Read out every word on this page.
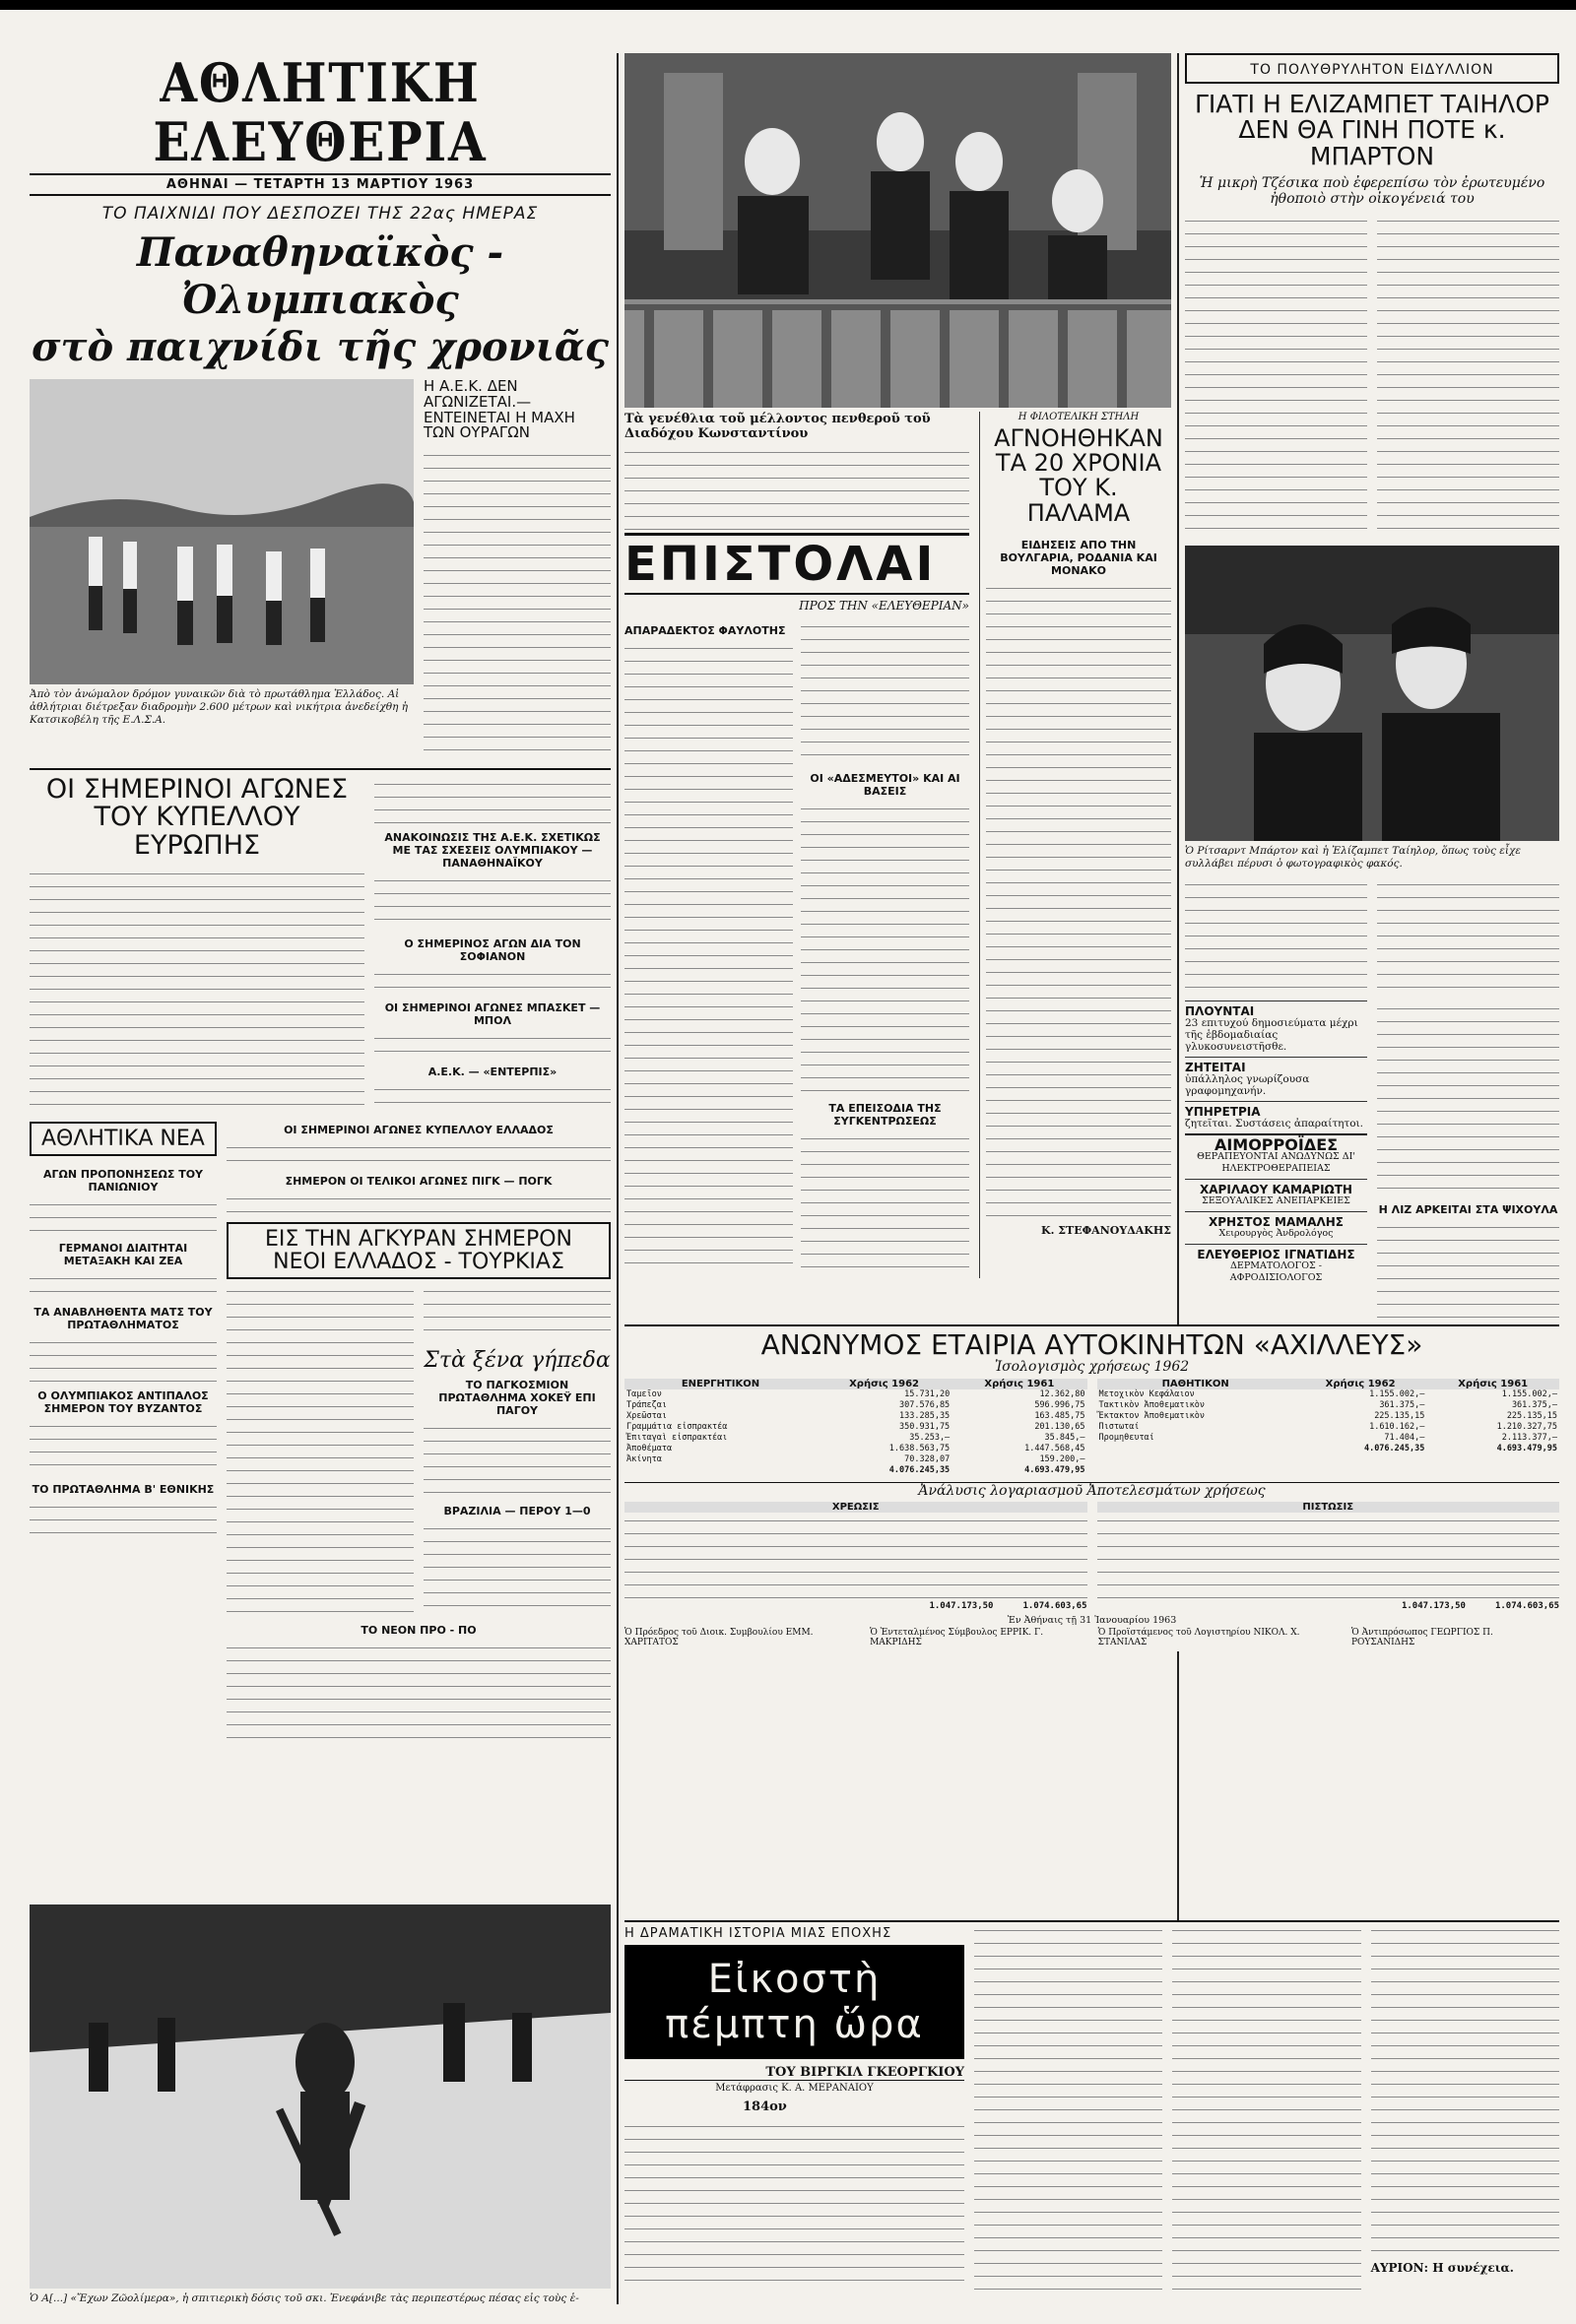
ΑΘΛΗΤΙΚΗ ΕΛΕΥΘΕΡΙΑ
ΑΘΗΝΑΙ — ΤΕΤΑΡΤΗ 13 ΜΑΡΤΙΟΥ 1963
ΤΟ ΠΑΙΧΝΙΔΙ ΠΟΥ ΔΕΣΠΟΖΕΙ ΤΗΣ 22ας ΗΜΕΡΑΣ
Παναθηναϊκὸς - Ὀλυμπιακὸς
στὸ παιχνίδι τῆς χρονιᾶς
Ἀπὸ τὸν ἀνώμαλον δρόμον γυναικῶν διὰ τὸ πρωτάθλημα Ἑλλάδος. Αἱ ἀθλήτριαι διέτρεξαν διαδρομὴν 2.600 μέτρων καὶ νικήτρια ἀνεδείχθη ἡ Κατσικοβέλη τῆς Ε.Λ.Σ.Α.
Η Α.Ε.Κ. ΔΕΝ ΑΓΩΝΙΖΕΤΑΙ.—ΕΝΤΕΙΝΕΤΑΙ Η ΜΑΧΗ ΤΩΝ ΟΥΡΑΓΩΝ
ΟΙ ΣΗΜΕΡΙΝΟΙ ΑΓΩΝΕΣ
ΤΟΥ ΚΥΠΕΛΛΟΥ ΕΥΡΩΠΗΣ	ΑΝΑΚΟΙΝΩΣΙΣ ΤΗΣ Α.Ε.Κ. ΣΧΕΤΙΚΩΣ ΜΕ ΤΑΣ ΣΧΕΣΕΙΣ ΟΛΥΜΠΙΑΚΟΥ — ΠΑΝΑΘΗΝΑΪΚΟΥ
Ο ΣΗΜΕΡΙΝΟΣ ΑΓΩΝ ΔΙΑ ΤΟΝ ΣΟΦΙΑΝΟΝ
ΟΙ ΣΗΜΕΡΙΝΟΙ ΑΓΩΝΕΣ ΜΠΑΣΚΕΤ — ΜΠΟΛ
Α.Ε.Κ. — «ΕΝΤΕΡΠΙΣ»
ΑΘΛΗΤΙΚΑ ΝΕΑ
ΑΓΩΝ ΠΡΟΠΟΝΗΣΕΩΣ ΤΟΥ ΠΑΝΙΩΝΙΟΥ
ΓΕΡΜΑΝΟΙ ΔΙΑΙΤΗΤΑΙ ΜΕΤΑΞΑΚΗ ΚΑΙ ΖΕΑ
ΤΑ ΑΝΑΒΛΗΘΕΝΤΑ ΜΑΤΣ ΤΟΥ ΠΡΩΤΑΘΛΗΜΑΤΟΣ
Ο ΟΛΥΜΠΙΑΚΟΣ ΑΝΤΙΠΑΛΟΣ ΣΗΜΕΡΟΝ ΤΟΥ ΒΥΖΑΝΤΟΣ
ΤΟ ΠΡΩΤΑΘΛΗΜΑ Β' ΕΘΝΙΚΗΣ
ΟΙ ΣΗΜΕΡΙΝΟΙ ΑΓΩΝΕΣ ΚΥΠΕΛΛΟΥ ΕΛΛΑΔΟΣ
ΣΗΜΕΡΟΝ ΟΙ ΤΕΛΙΚΟΙ ΑΓΩΝΕΣ ΠΙΓΚ — ΠΟΓΚ
ΕΙΣ ΤΗΝ ΑΓΚΥΡΑΝ ΣΗΜΕΡΟΝ
ΝΕΟΙ ΕΛΛΑΔΟΣ - ΤΟΥΡΚΙΑΣ
Στὰ ξένα γήπεδα
ΤΟ ΠΑΓΚΟΣΜΙΟΝ ΠΡΩΤΑΘΛΗΜΑ ΧΟΚΕΫ ΕΠΙ ΠΑΓΟΥ
ΒΡΑΖΙΛΙΑ — ΠΕΡΟΥ 1—0
ΤΟ ΝΕΟΝ ΠΡΟ - ΠΟ
Ὁ Α[...] «Ἔχων Ζῶολίμερα», ἡ σπιτιερικὴ δόσις τοῦ σκι. Ἐνεφάνιβε τὰς περιπεστέρως πέσας εἰς τοὺς ἑ-
Τὰ γενέθλια τοῦ μέλλοντος πενθεροῦ τοῦ Διαδόχου Κωνσταντίνου
Η ΦΙΛΟΤΕΛΙΚΗ ΣΤΗΛΗ
ΑΓΝΟΗΘΗΚΑΝ
ΤΑ 20 ΧΡΟΝΙΑ
ΤΟΥ Κ. ΠΑΛΑΜΑ
ΕΠΙΣΤΟΛΑΙ
ΠΡΟΣ ΤΗΝ «ΕΛΕΥΘΕΡΙΑΝ»
ΑΠΑΡΑΔΕΚΤΟΣ ΦΑΥΛΟΤΗΣ
ΟΙ «ΑΔΕΣΜΕΥΤΟΙ» ΚΑΙ ΑΙ ΒΑΣΕΙΣ
ΤΑ ΕΠΕΙΣΟΔΙΑ ΤΗΣ ΣΥΓΚΕΝΤΡΩΣΕΩΣ
ΕΙΔΗΣΕΙΣ ΑΠΟ ΤΗΝ ΒΟΥΛΓΑΡΙΑ, ΡΟΔΑΝΙΑ ΚΑΙ ΜΟΝΑΚΟ
Κ. ΣΤΕΦΑΝΟΥΔΑΚΗΣ
ΤΟ ΠΟΛΥΘΡΥΛΗΤΟΝ ΕΙΔΥΛΛΙΟΝ
ΓΙΑΤΙ Η ΕΛΙΖΑΜΠΕΤ ΤΑΙΗΛΟΡ
ΔΕΝ ΘΑ ΓΙΝΗ ΠΟΤΕ κ. ΜΠΑΡΤΟΝ
Ἡ μικρὴ Τζέσικα ποὺ ἐφερεπίσω τὸν ἐρωτευμένο ἠθοποιὸ στὴν οἰκογένειά του
Ὁ Ρίτσαρντ Μπάρτον καὶ ἡ Ἐλίζαμπετ Ταίηλορ, ὅπως τοὺς εἶχε συλλάβει πέρυσι ὁ φωτογραφικὸς φακός.
ΠΛΟΥΝΤΑΙ
23 επιτυχού δημοσιεύματα μέχρι τῆς ἑβδομαδιαίας γλυκοσυνειστῆσθε.
ΖΗΤΕΙΤΑΙ
ὑπάλληλος γνωρίζουσα γραφομηχανήν.
ΥΠΗΡΕΤΡΙΑ
ζητεῖται. Συστάσεις ἀπαραίτητοι.
ΑΙΜΟΡΡΟΪΔΕΣ
ΘΕΡΑΠΕΥΟΝΤΑΙ ΑΝΩΔΥΝΩΣ ΔΙ' ΗΛΕΚΤΡΟΘΕΡΑΠΕΙΑΣ
ΧΑΡΙΛΑΟΥ ΚΑΜΑΡΙΩΤΗ
ΣΕΞΟΥΑΛΙΚΕΣ ΑΝΕΠΑΡΚΕΙΕΣ
ΧΡΗΣΤΟΣ ΜΑΜΑΛΗΣ
Χειρουργὸς Ἀνδρολόγος
ΕΛΕΥΘΕΡΙΟΣ ΙΓΝΑΤΙΔΗΣ
ΔΕΡΜΑΤΟΛΟΓΟΣ - ΑΦΡΟΔΙΣΙΟΛΟΓΟΣ
Η ΛΙΖ ΑΡΚΕΙΤΑΙ ΣΤΑ ΨΙΧΟΥΛΑ
ΑΝΩΝΥΜΟΣ ΕΤΑΙΡΙΑ ΑΥΤΟΚΙΝΗΤΩΝ «ΑΧΙΛΛΕΥΣ»
Ἰσολογισμὸς χρήσεως 1962
ΕΝΕΡΓΗΤΙΚΟΝ	Χρήσις 1962	Χρήσις 1961
Ταμεῖον	15.731,20	12.362,80
Τράπεζαι	307.576,85	596.996,75
Χρεῶσται	133.285,35	163.485,75
Γραμμάτια εἰσπρακτέα	350.931,75	201.130,65
Ἐπιταγαὶ εἰσπρακτέαι	35.253,—	35.845,—
Ἀποθέματα	1.638.563,75	1.447.568,45
Ἀκίνητα	70.328,07	159.200,—
	4.076.245,35	4.693.479,95
ΠΑΘΗΤΙΚΟΝ	Χρήσις 1962	Χρήσις 1961
Μετοχικὸν Κεφάλαιον	1.155.002,—	1.155.002,—
Τακτικὸν Ἀποθεματικὸν	361.375,—	361.375,—
Ἔκτακτον Ἀποθεματικὸν	225.135,15	225.135,15
Πιστωταί	1.610.162,—	1.210.327,75
Προμηθευταί	71.404,—	2.113.377,—
	4.076.245,35	4.693.479,95
Ἀνάλυσις λογαριασμοῦ Ἀποτελεσμάτων χρήσεως
ΧΡΕΩΣΙΣ
1.047.173,50	1.074.603,65
ΠΙΣΤΩΣΙΣ
1.047.173,50	1.074.603,65
Ἐν Ἀθήναις τῇ 31 Ἰανουαρίου 1963
Ὁ Πρόεδρος τοῦ Διοικ. Συμβουλίου ΕΜΜ. ΧΑΡΙΤΑΤΟΣ
Ὁ Ἐντεταλμένος Σύμβουλος ΕΡΡΙΚ. Γ. ΜΑΚΡΙΔΗΣ
Ὁ Προϊστάμενος τοῦ Λογιστηρίου ΝΙΚΟΛ. Χ. ΣΤΑΝΙΛΑΣ
Ὁ Ἀντιπρόσωπος ΓΕΩΡΓΙΟΣ Π. ΡΟΥΣΑΝΙΔΗΣ
Η ΔΡΑΜΑΤΙΚΗ ΙΣΤΟΡΙΑ ΜΙΑΣ ΕΠΟΧΗΣ
Εἰκοστὴ πέμπτη ὥρα
ΤΟΥ ΒΙΡΓΚΙΛ ΓΚΕΟΡΓΚΙΟΥ
Μετάφρασις Κ. Α. ΜΕΡΑΝΑΙΟΥ
184ον
ΑΥΡΙΟΝ: Η συνέχεια.
